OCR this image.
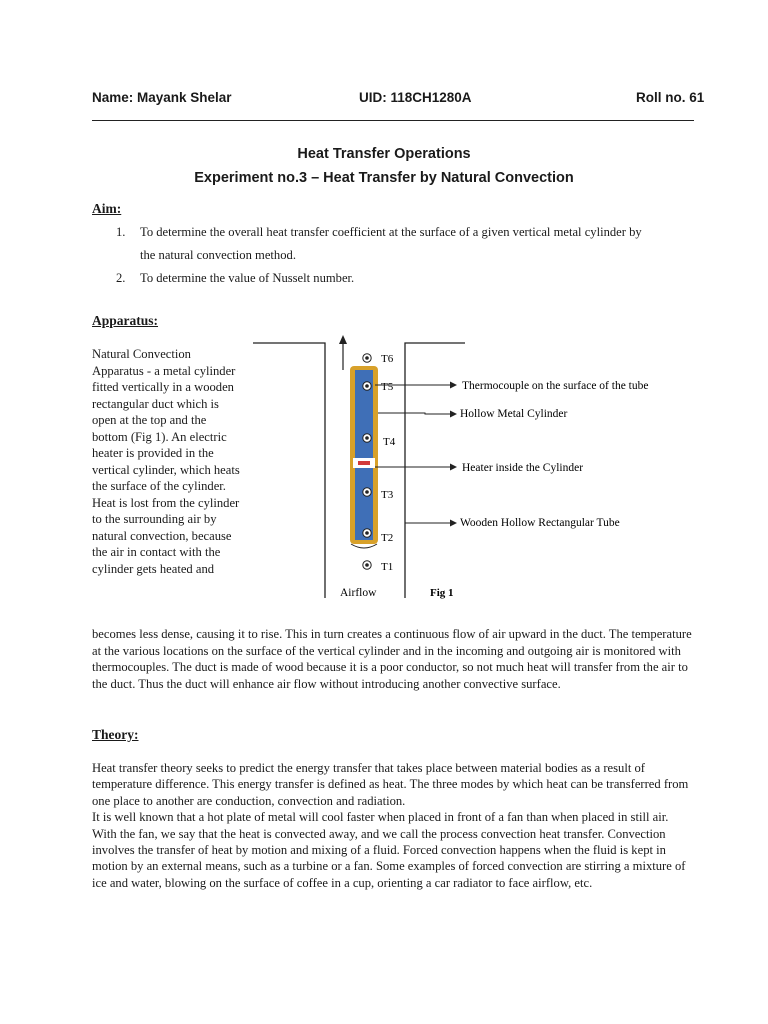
Name: Mayank Shelar	UID: 118CH1280A	Roll no. 61
Heat Transfer Operations
Experiment no.3 – Heat Transfer by Natural Convection
Aim:
1. To determine the overall heat transfer coefficient at the surface of a given vertical metal cylinder by the natural convection method.
2. To determine the value of Nusselt number.
Apparatus:
Natural Convection Apparatus - a metal cylinder fitted vertically in a wooden rectangular duct which is open at the top and the bottom (Fig 1). An electric heater is provided in the vertical cylinder, which heats the surface of the cylinder. Heat is lost from the cylinder to the surrounding air by natural convection, because the air in contact with the cylinder gets heated and
becomes less dense, causing it to rise. This in turn creates a continuous flow of air upward in the duct. The temperature at the various locations on the surface of the vertical cylinder and in the incoming and outgoing air is monitored with thermocouples. The duct is made of wood because it is a poor conductor, so not much heat will transfer from the air to the duct. Thus the duct will enhance air flow without introducing another convective surface.
T6
T5
T4
T3
T2
T1
Thermocouple on the surface of the tube
Hollow Metal Cylinder
Heater inside the Cylinder
Wooden Hollow Rectangular Tube
Airflow	Fig 1
Theory:

Heat transfer theory seeks to predict the energy transfer that takes place between material bodies as a result of temperature difference. This energy transfer is defined as heat. The three modes by which heat can be transferred from one place to another are conduction, convection and radiation.

It is well known that a hot plate of metal will cool faster when placed in front of a fan than when placed in still air. With the fan, we say that the heat is convected away, and we call the process convection heat transfer. Convection involves the transfer of heat by motion and mixing of a fluid. Forced convection happens when the fluid is kept in motion by an external means, such as a turbine or a fan. Some examples of forced convection are stirring a mixture of ice and water, blowing on the surface of coffee in a cup, orienting a car radiator to face airflow, etc.
